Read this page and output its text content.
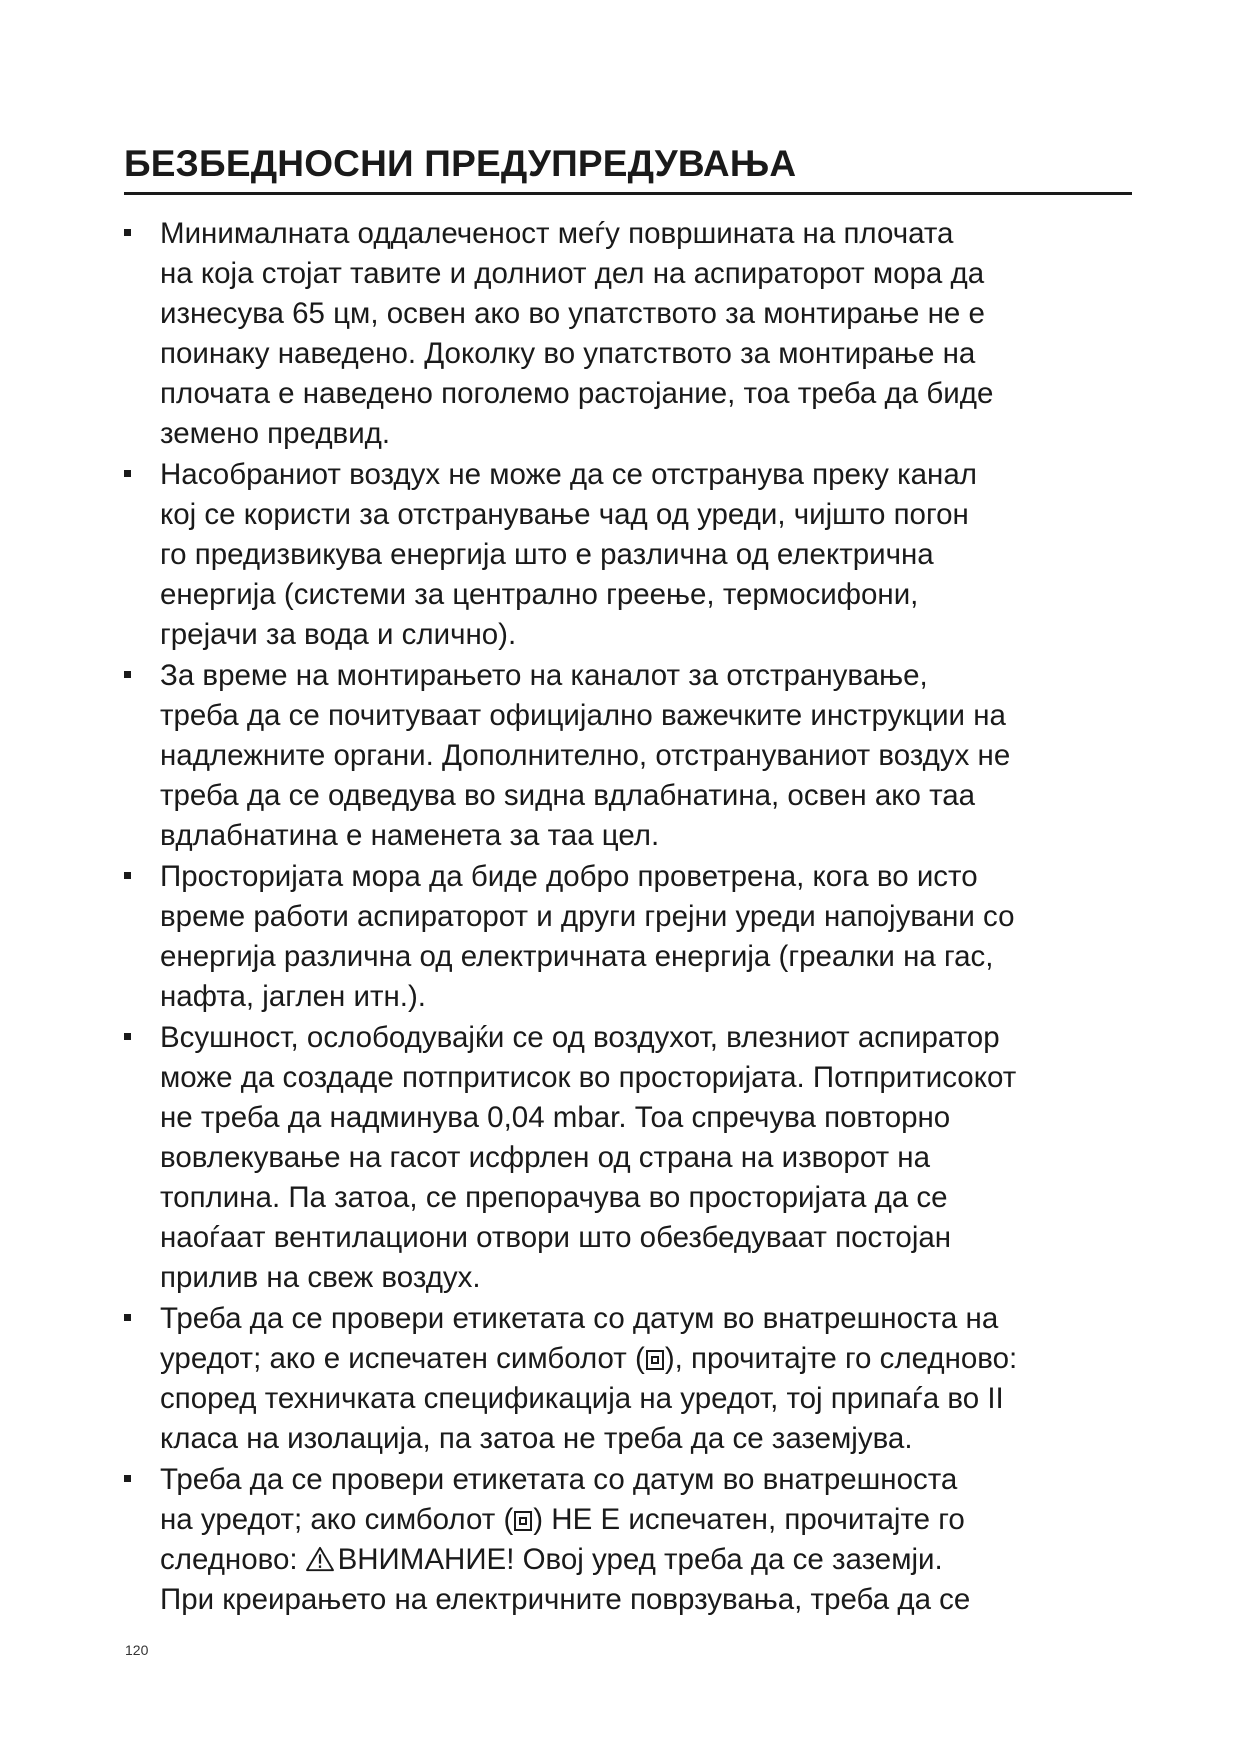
БЕЗБЕДНОСНИ ПРЕДУПРЕДУВАЊА
Минималната оддалеченост меѓу површината на плочата
на која стојат тавите и долниот дел на аспираторот мора да
изнесува 65 цм, освен ако во упатството за монтирање не е
поинаку наведено. Доколку во упатството за монтирање на
плочата е наведено поголемо растојание, тоа треба да биде
земено предвид.
Насобраниот воздух не може да се отстранува преку канал
кој се користи за отстранување чад од уреди, чијшто погон
го предизвикува енергија што е различна од електрична
енергија (системи за централно греење, термосифони,
грејачи за вода и слично).
За време на монтирањето на каналот за отстранување,
треба да се почитуваат официјално важечките инструкции на
надлежните органи. Дополнително, отстрануваниот воздух не
треба да се одведува во ѕидна вдлабнатина, освен ако таа
вдлабнатина е наменета за таа цел.
Просторијата мора да биде добро проветрена, кога во исто
време работи аспираторот и други грејни уреди напојувани со
енергија различна од електричната енергија (греалки на гас,
нафта, јаглен итн.).
Всушност, ослободувајќи се од воздухот, влезниот аспиратор
може да создаде потпритисок во просторијата. Потпритисокот
не треба да надминува 0,04 mbar. Тоа спречува повторно
вовлекување на гасот исфрлен од страна на изворот на
топлина. Па затоа, се препорачува во просторијата да се
наоѓаат вентилациони отвори што обезбедуваат постојан
прилив на свеж воздух.
Треба да се провери етикетата со датум во внатрешноста на
уредот; ако е испечатен симболот ( ), прочитајте го следново:
според техничката спецификација на уредот, тој припаѓа во II
класа на изолација, па затоа не треба да се заземјува.
Треба да се провери етикетата со датум во внатрешноста
на уредот; ако симболот ( ) НЕ Е испечатен, прочитајте го
следново: ВНИМАНИЕ! Овој уред треба да се заземји.
При креирањето на електричните поврзувања, треба да се
120
